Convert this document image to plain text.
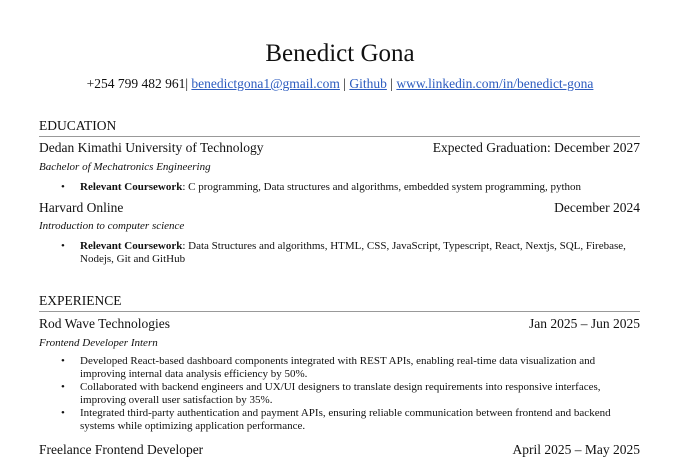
Benedict Gona
+254 799 482 961| benedictgona1@gmail.com | Github | www.linkedin.com/in/benedict-gona
EDUCATION
Dedan Kimathi University of Technology	Expected Graduation: December 2027
Bachelor of Mechatronics Engineering
• Relevant Coursework: C programming, Data structures and algorithms, embedded system programming, python
Harvard Online	December 2024
Introduction to computer science
• Relevant Coursework: Data Structures and algorithms, HTML, CSS, JavaScript, Typescript, React, Nextjs, SQL, Firebase, Nodejs, Git and GitHub
EXPERIENCE
Rod Wave Technologies	Jan 2025 – Jun 2025
Frontend Developer Intern
• Developed React-based dashboard components integrated with REST APIs, enabling real-time data visualization and improving internal data analysis efficiency by 50%.
• Collaborated with backend engineers and UX/UI designers to translate design requirements into responsive interfaces, improving overall user satisfaction by 35%.
• Integrated third-party authentication and payment APIs, ensuring reliable communication between frontend and backend systems while optimizing application performance.
Freelance Frontend Developer	April 2025 – May 2025
